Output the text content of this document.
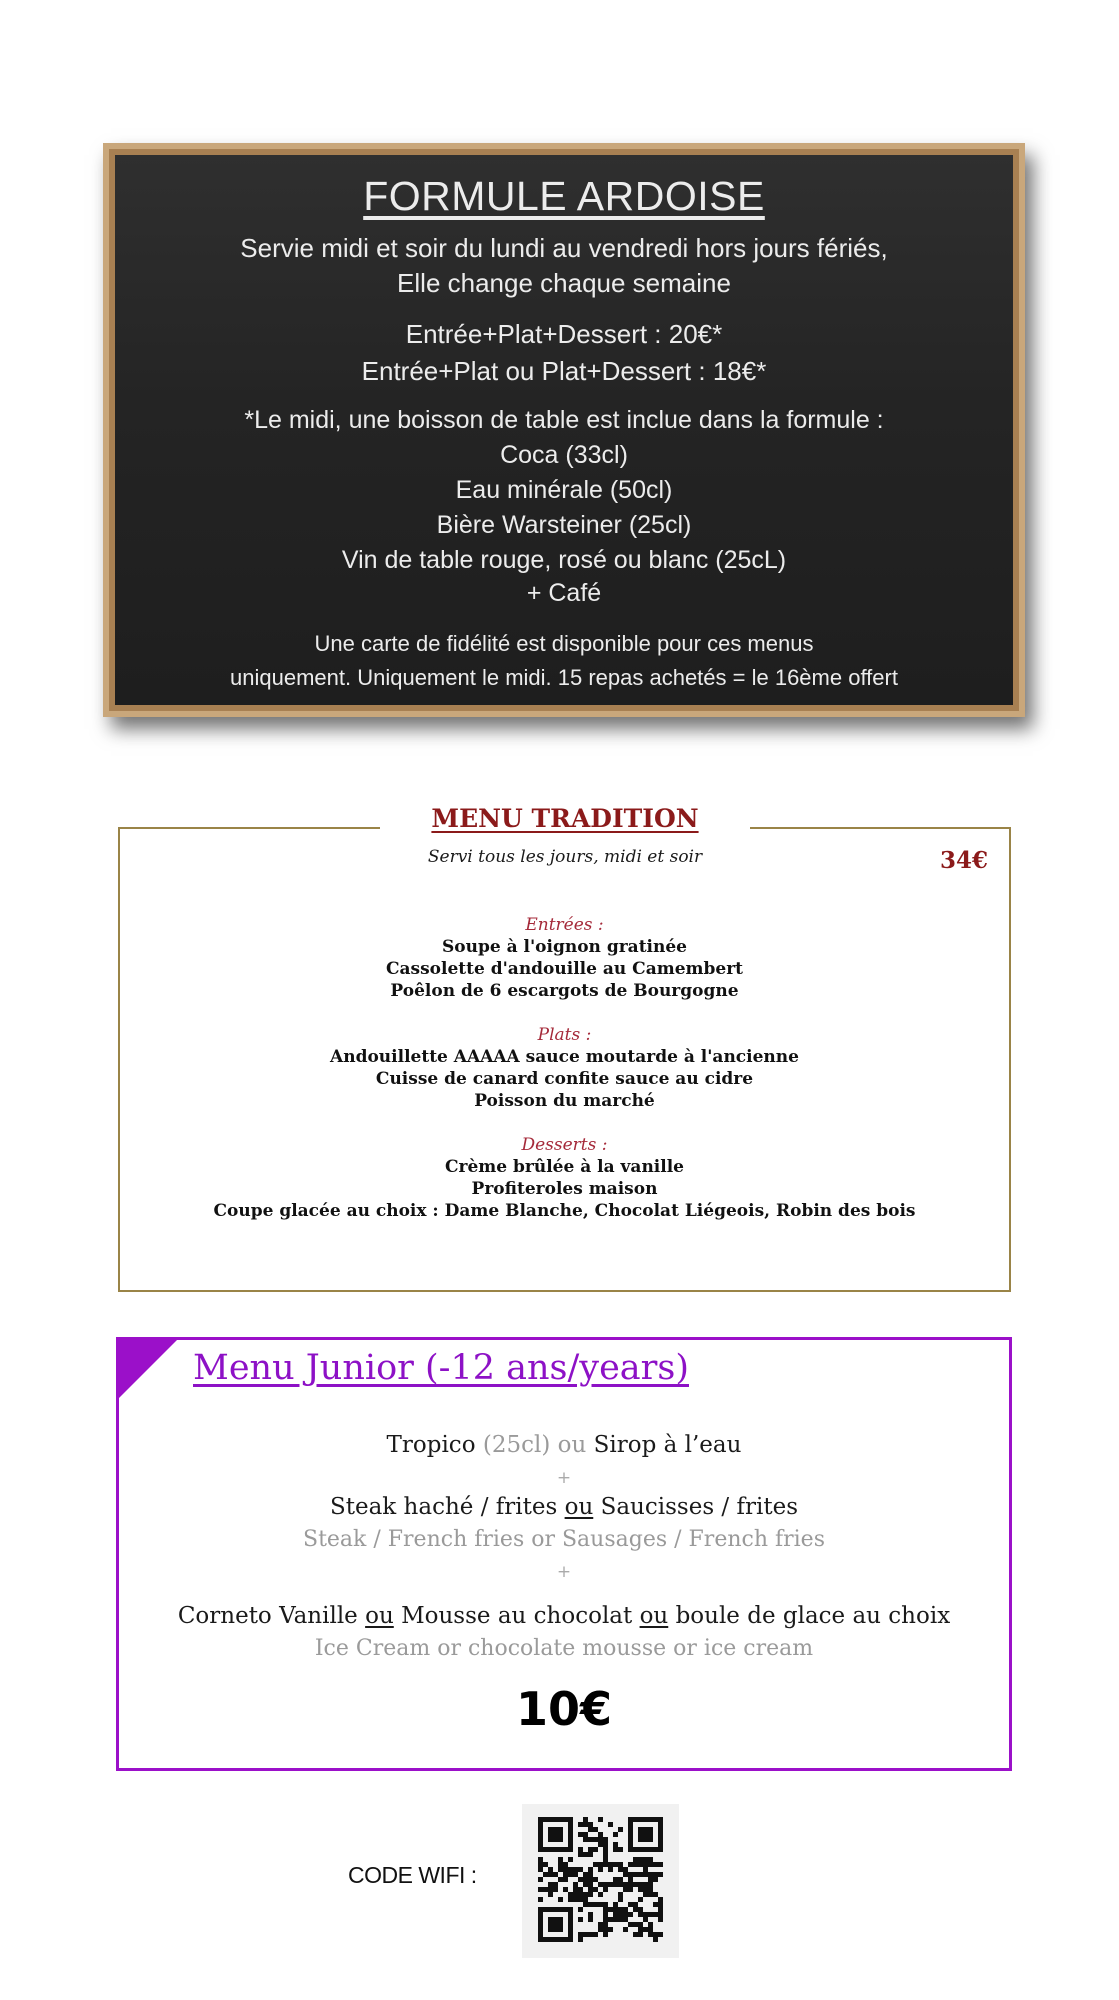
FORMULE ARDOISE
Servie midi et soir du lundi au vendredi hors jours fériés,
Elle change chaque semaine
Entrée+Plat+Dessert : 20€*
Entrée+Plat ou Plat+Dessert : 18€*
*Le midi, une boisson de table est inclue dans la formule :
Coca (33cl)
Eau minérale (50cl)
Bière Warsteiner (25cl)
Vin de table rouge, rosé ou blanc (25cL)
+ Café
Une carte de fidélité est disponible pour ces menus
uniquement. Uniquement le midi. 15 repas achetés = le 16ème offert
MENU TRADITION
Servi tous les jours, midi et soir	34€
Entrées :
Soupe à l'oignon gratinée
Cassolette d'andouille au Camembert
Poêlon de 6 escargots de Bourgogne
Plats :
Andouillette AAAAA sauce moutarde à l'ancienne
Cuisse de canard confite sauce au cidre
Poisson du marché
Desserts :
Crème brûlée à la vanille
Profiteroles maison
Coupe glacée au choix : Dame Blanche, Chocolat Liégeois, Robin des bois
Menu Junior (-12 ans/years)
Tropico (25cl) ou Sirop à l’eau
+
Steak haché / frites ou Saucisses / frites
Steak / French fries or Sausages / French fries
+
Corneto Vanille ou Mousse au chocolat ou boule de glace au choix
Ice Cream or chocolate mousse or ice cream
10€
CODE WIFI :
